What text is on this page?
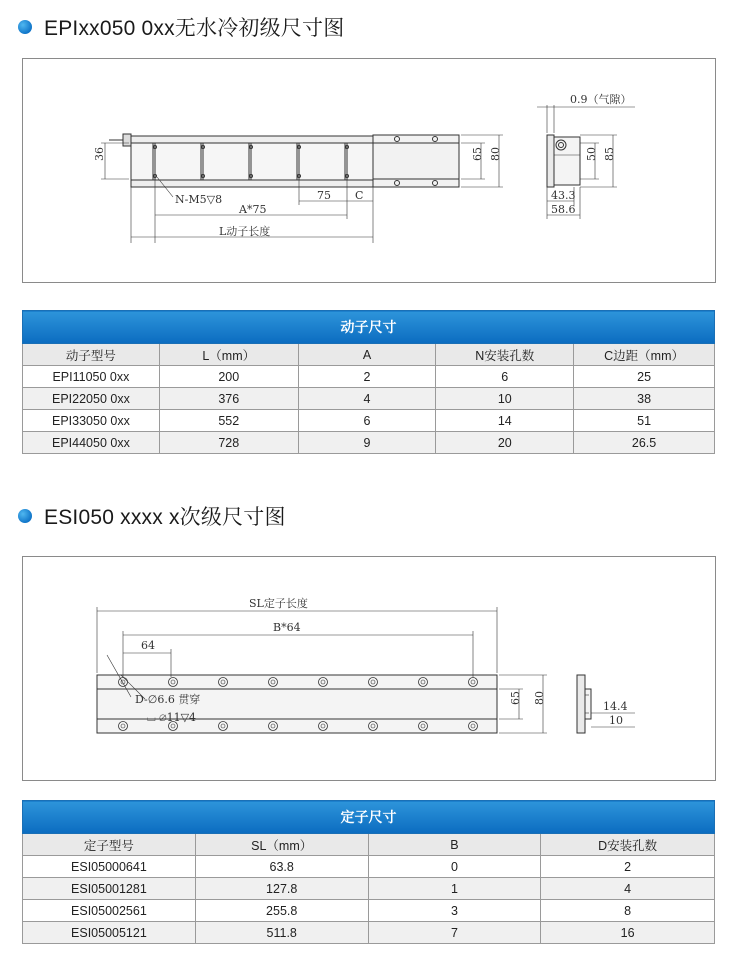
EPIxx050 0xx无水冷初级尺寸图
0.9（气隙）
36	65 80
N-M5▽8	75 C
A*75
L动子长度
50 85
43.3
58.6
动子尺寸				
动子型号	L（mm）	A	N安装孔数	C边距（mm）
EPI11050 0xx	200	2	6	25
EPI22050 0xx	376	4	10	38
EPI33050 0xx	552	6	14	51
EPI44050 0xx	728	9	20	26.5
ESI050 xxxx x次级尺寸图
SL定子长度
B*64
64
D-∅6.6 贯穿
⌴ ∅11▽4
65 80
14.4
10
定子尺寸			
定子型号	SL（mm）	B	D安装孔数
ESI05000641	63.8	0	2
ESI05001281	127.8	1	4
ESI05002561	255.8	3	8
ESI05005121	511.8	7	16
